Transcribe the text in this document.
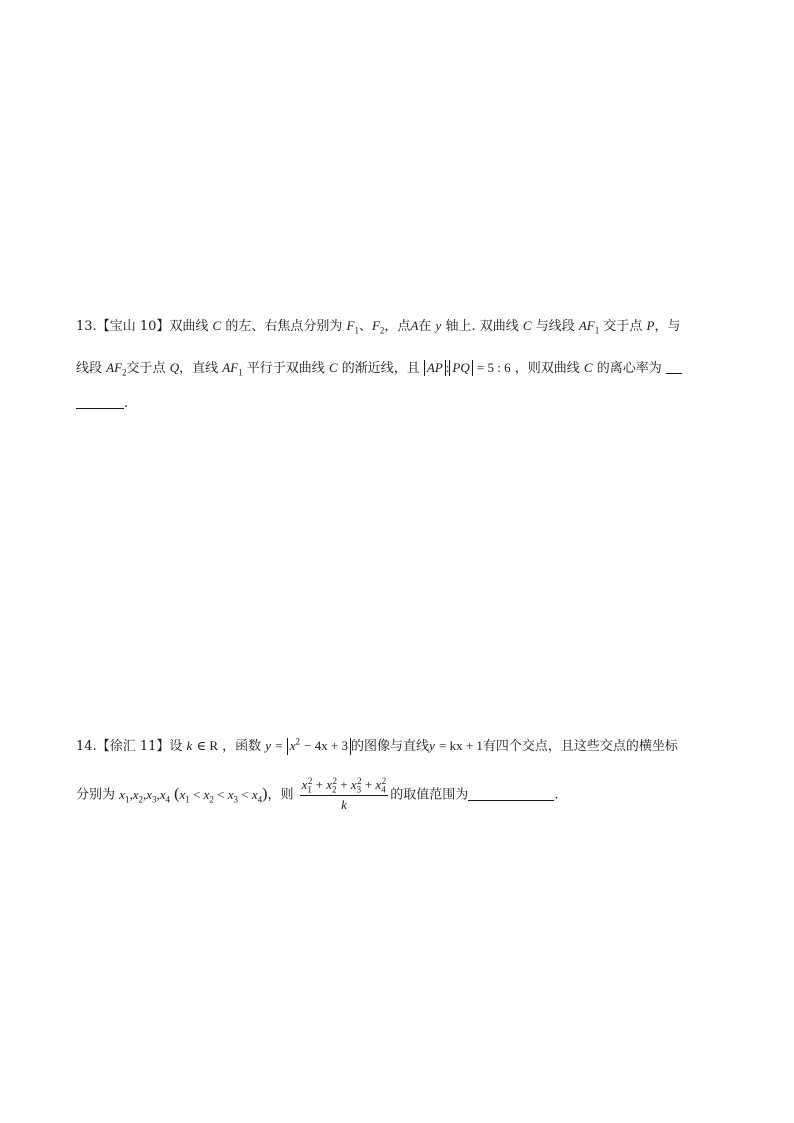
13.【宝山 10】双曲线 C 的左、右焦点分别为 $F_1$、$F_2$，点A在 y 轴上. 双曲线 C 与线段 $AF_1$ 交于点 P，与
线段 $AF_2$交于点 Q，直线 $AF_1$ 平行于双曲线 C 的渐近线，且 AP : PQ = 5 : 6 ，则双曲线 C 的离心率为
.
14.【徐汇 11】设 k ∈ R ，函数 $y = x^2 - 4x + 3$ 的图像与直线y = kx + 1有四个交点，且这些交点的横坐标
分别为 $x_1,x_2,x_3,x_4$ $(x_1 < x_2 < x_3 < x_4)$，则
$x_1^2 + x_2^2 + x_3^2 + x_4^2$
k
的取值范围为	.
